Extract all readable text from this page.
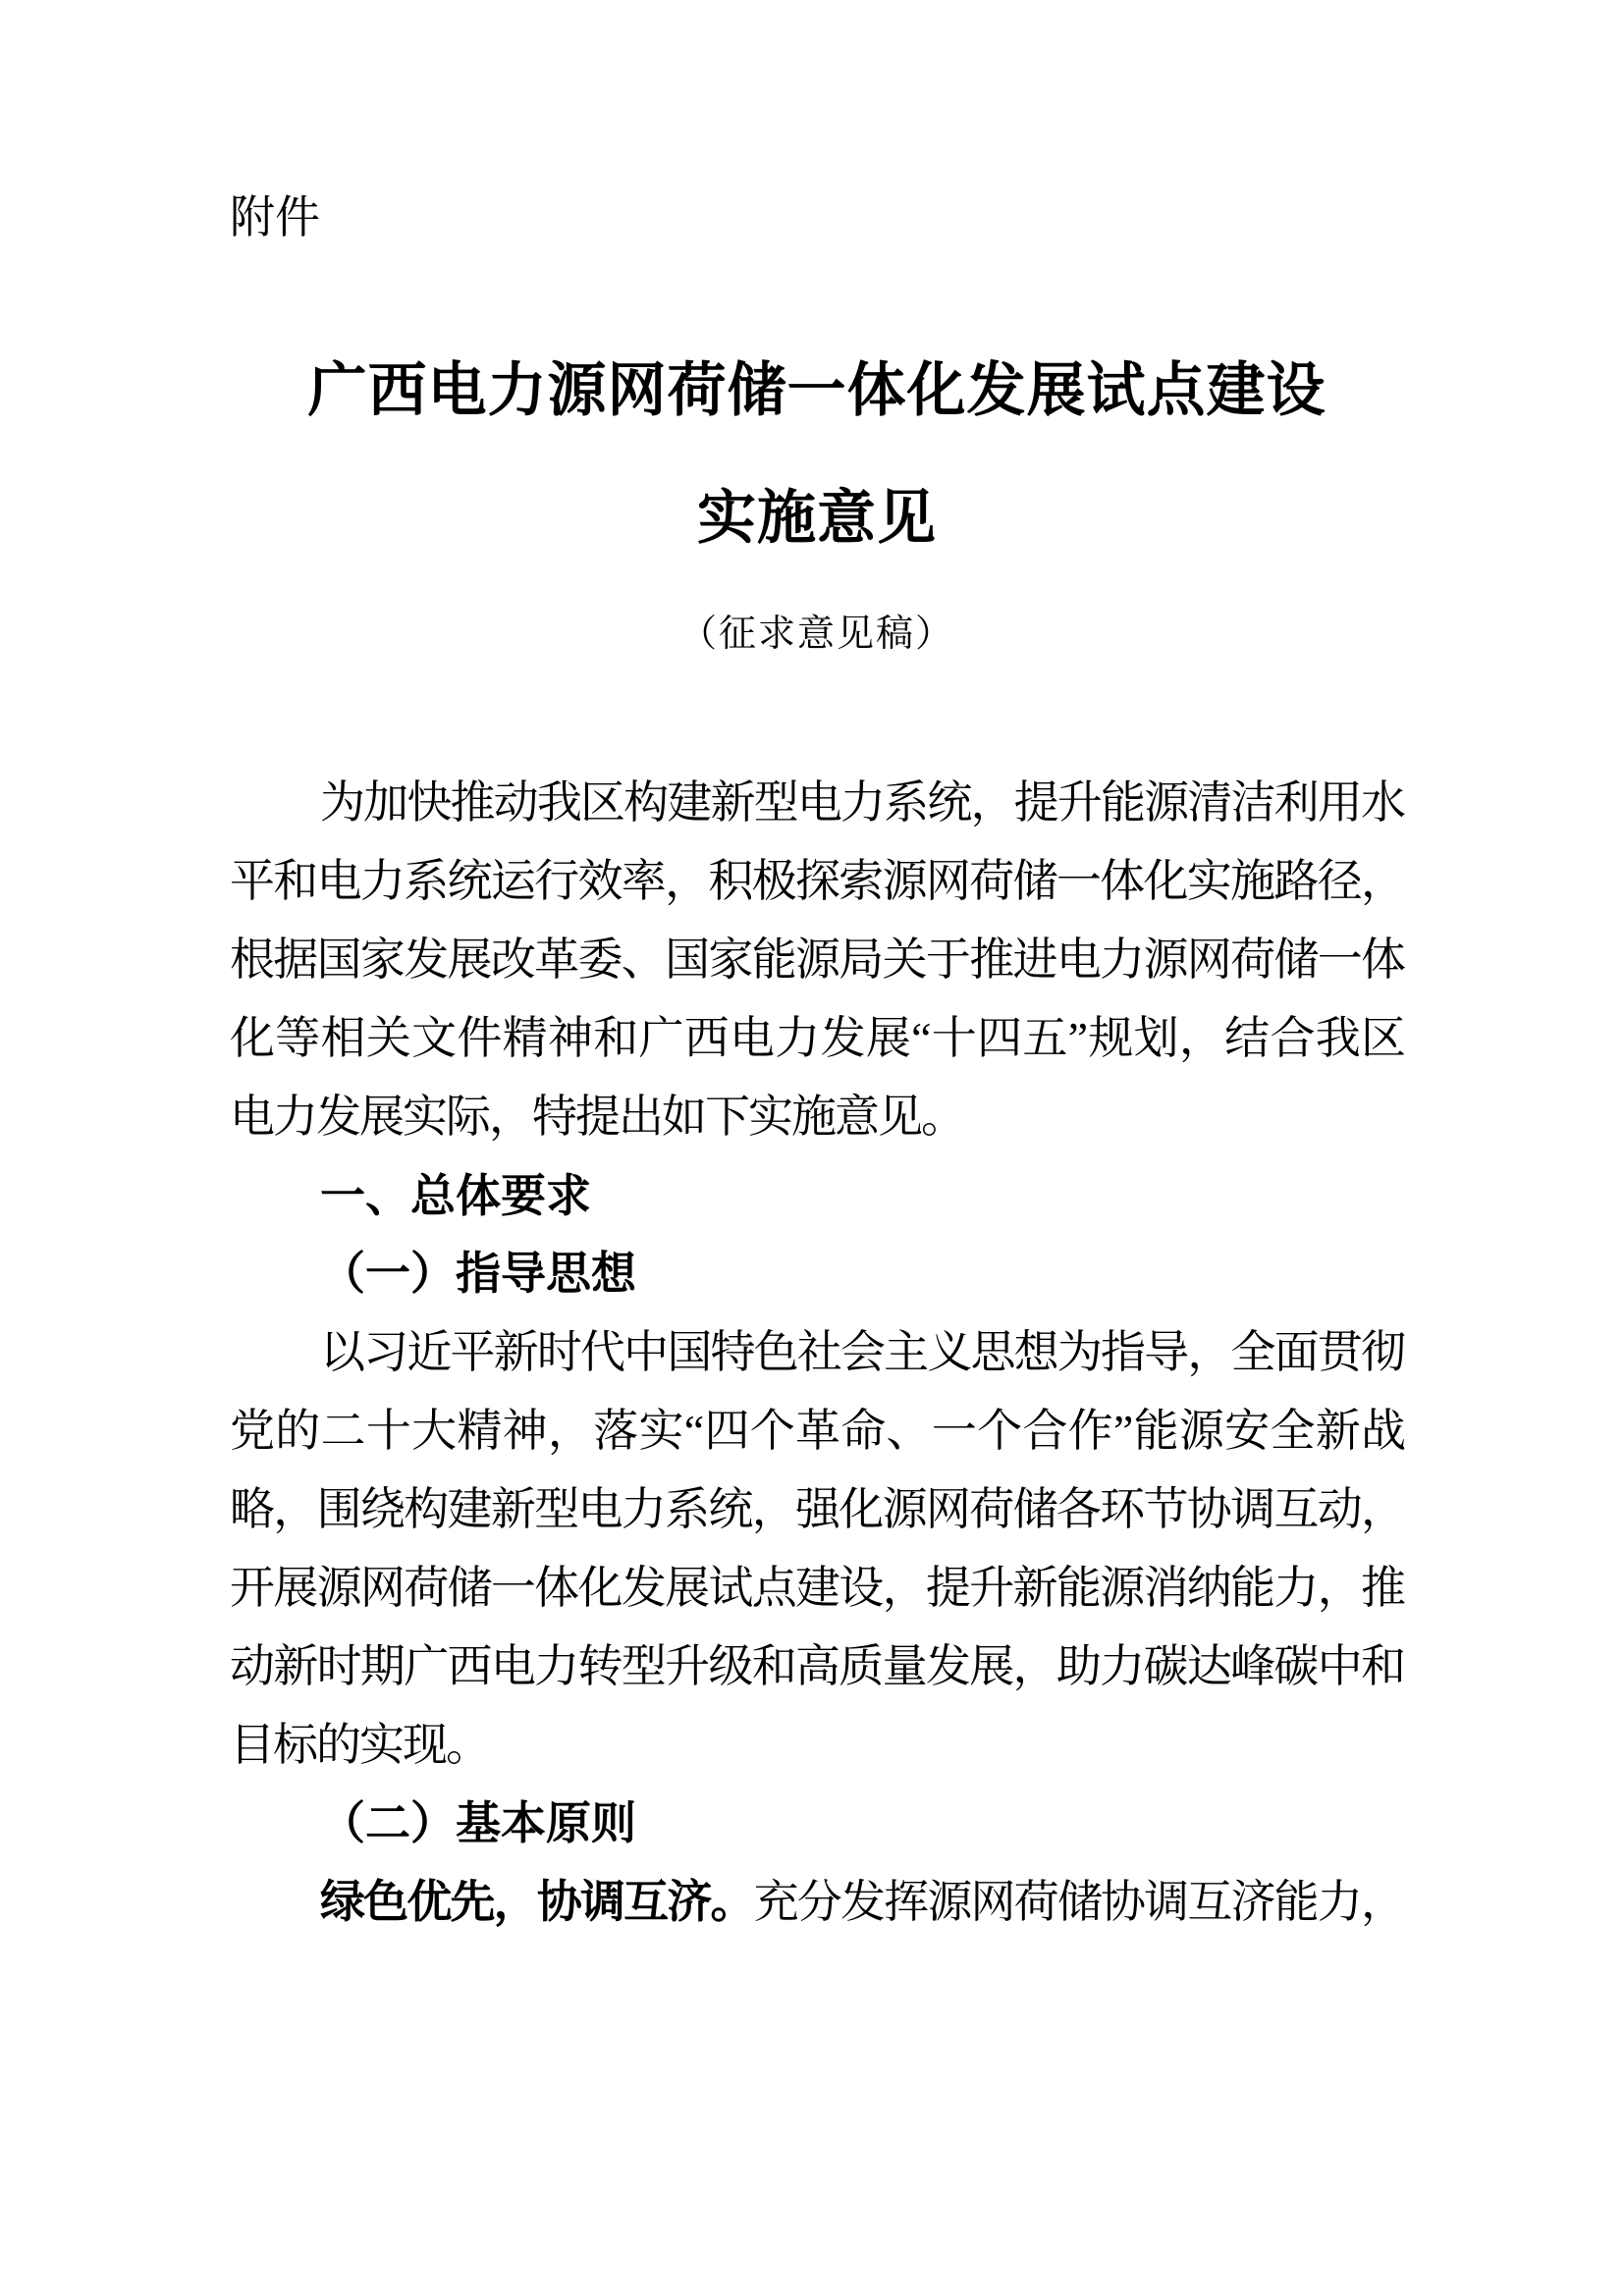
附件
广西电力源网荷储一体化发展试点建设
实施意见
（征求意见稿）
为加快推动我区构建新型电力系统，提升能源清洁利用水
平和电力系统运行效率，积极探索源网荷储一体化实施路径，
根据国家发展改革委、国家能源局关于推进电力源网荷储一体
化等相关文件精神和广西电力发展“十四五”规划，结合我区
电力发展实际，特提出如下实施意见。
一、总体要求
（一）指导思想
以习近平新时代中国特色社会主义思想为指导，全面贯彻
党的二十大精神，落实“四个革命、一个合作”能源安全新战
略，围绕构建新型电力系统，强化源网荷储各环节协调互动，
开展源网荷储一体化发展试点建设，提升新能源消纳能力，推
动新时期广西电力转型升级和高质量发展，助力碳达峰碳中和
目标的实现。
（二）基本原则
绿色优先，协调互济。充分发挥源网荷储协调互济能力，
